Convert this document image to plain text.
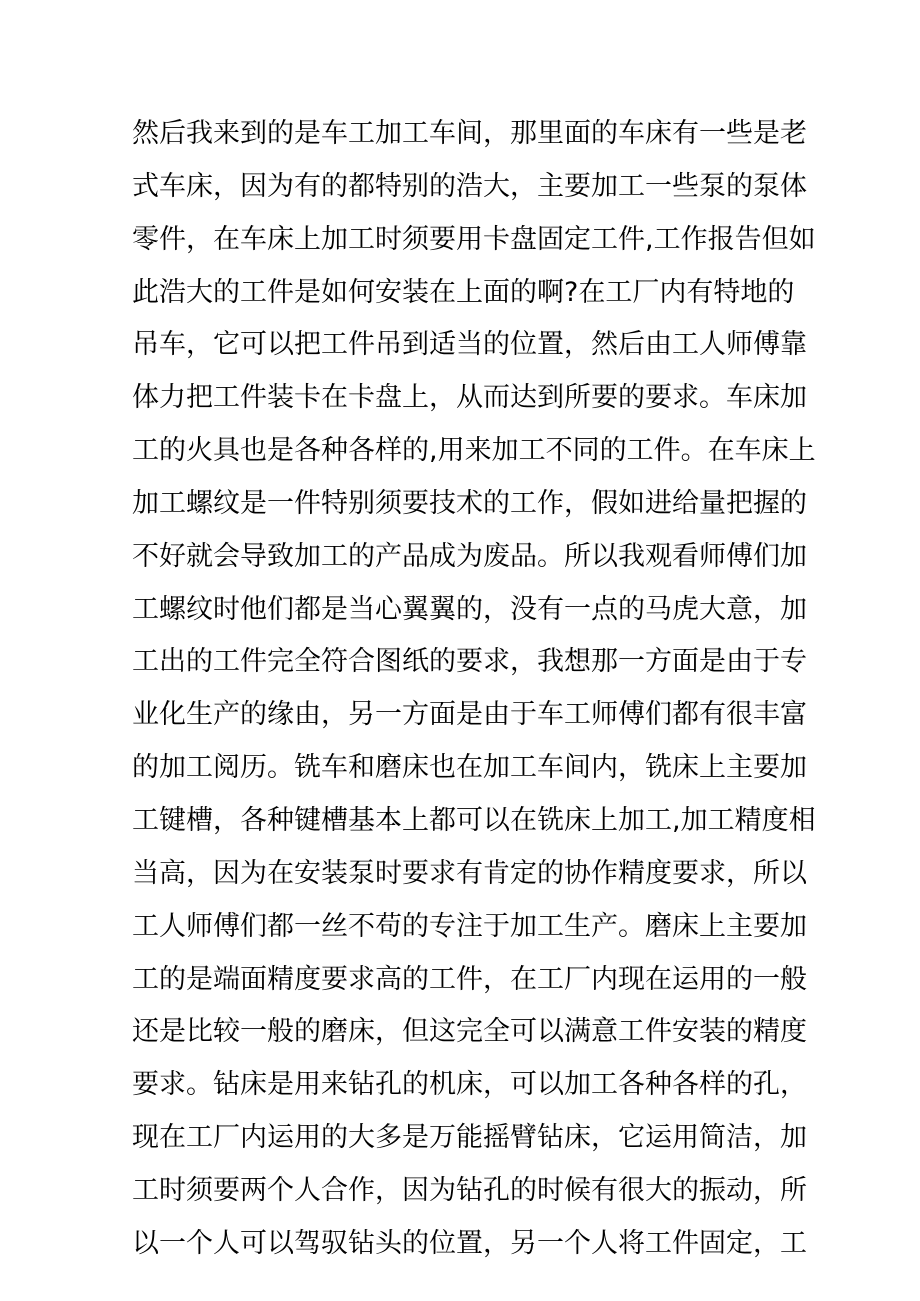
然后我来到的是车工加工车间，那里面的车床有一些是老
式车床，因为有的都特别的浩大，主要加工一些泵的泵体
零件，在车床上加工时须要用卡盘固定工件,工作报告但如
此浩大的工件是如何安装在上面的啊?在工厂内有特地的
吊车，它可以把工件吊到适当的位置，然后由工人师傅靠
体力把工件装卡在卡盘上，从而达到所要的要求。车床加
工的火具也是各种各样的,用来加工不同的工件。在车床上
加工螺纹是一件特别须要技术的工作，假如进给量把握的
不好就会导致加工的产品成为废品。所以我观看师傅们加
工螺纹时他们都是当心翼翼的，没有一点的马虎大意，加
工出的工件完全符合图纸的要求，我想那一方面是由于专
业化生产的缘由，另一方面是由于车工师傅们都有很丰富
的加工阅历。铣车和磨床也在加工车间内，铣床上主要加
工键槽，各种键槽基本上都可以在铣床上加工,加工精度相
当高，因为在安装泵时要求有肯定的协作精度要求，所以
工人师傅们都一丝不苟的专注于加工生产。磨床上主要加
工的是端面精度要求高的工件，在工厂内现在运用的一般
还是比较一般的磨床，但这完全可以满意工件安装的精度
要求。钻床是用来钻孔的机床，可以加工各种各样的孔，
现在工厂内运用的大多是万能摇臂钻床，它运用简洁，加
工时须要两个人合作，因为钻孔的时候有很大的振动，所
以一个人可以驾驭钻头的位置，另一个人将工件固定，工
